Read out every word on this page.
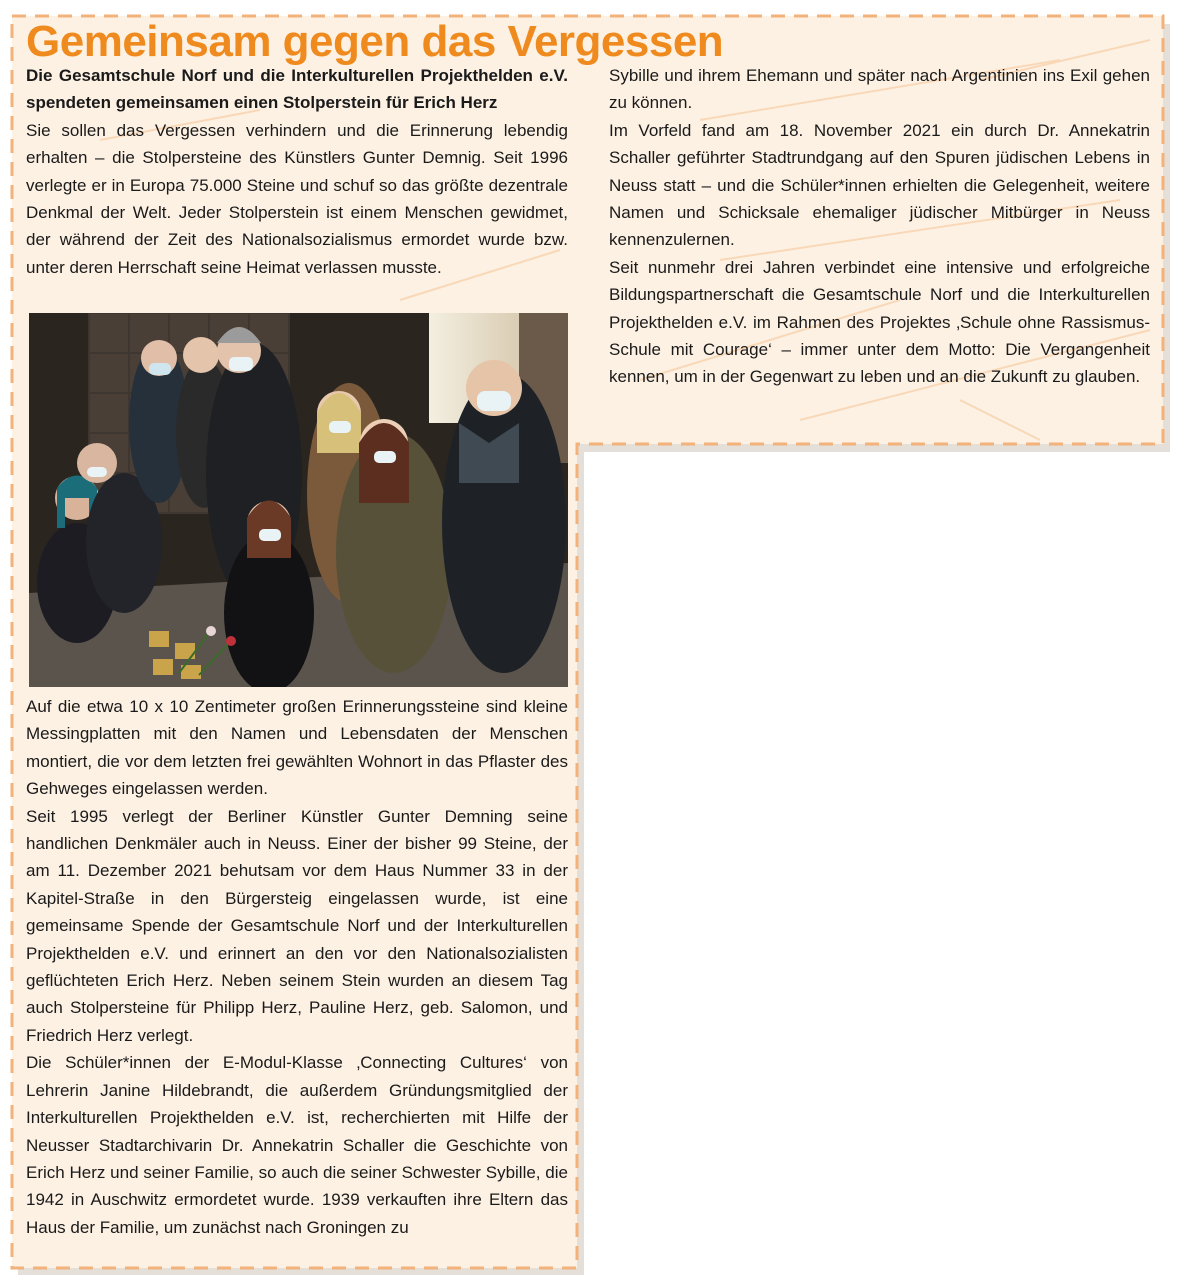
Gemeinsam gegen das Vergessen

Die Gesamtschule Norf und die Interkulturellen Projekthelden e.V. spendeten gemeinsamen einen Stolperstein für Erich Herz

Sie sollen das Vergessen verhindern und die Erinnerung lebendig erhalten – die Stolpersteine des Künstlers Gunter Demnig. Seit 1996 verlegte er in Europa 75.000 Steine und schuf so das größte dezentrale Denkmal der Welt. Jeder Stolperstein ist einem Menschen gewidmet, der während der Zeit des Nationalsozialismus ermordet wurde bzw. unter deren Herrschaft seine Heimat verlassen musste.

Auf die etwa 10 x 10 Zentimeter großen Erinnerungssteine sind kleine Messingplatten mit den Namen und Lebensdaten der Menschen montiert, die vor dem letzten frei gewählten Wohnort in das Pflaster des Gehweges eingelassen werden.

Seit 1995 verlegt der Berliner Künstler Gunter Demning seine handlichen Denkmäler auch in Neuss. Einer der bisher 99 Steine, der am 11. Dezember 2021 behutsam vor dem Haus Nummer 33 in der Kapitel-Straße in den Bürgersteig eingelassen wurde, ist eine gemeinsame Spende der Gesamtschule Norf und der Interkulturellen Projekthelden e.V. und erinnert an den vor den Nationalsozialisten geflüchteten Erich Herz. Neben seinem Stein wurden an diesem Tag auch Stolpersteine für Philipp Herz, Pauline Herz, geb. Salomon, und Friedrich Herz verlegt.

Die Schüler*innen der E-Modul-Klasse ‚Connecting Cultures‘ von Lehrerin Janine Hildebrandt, die außerdem Gründungsmitglied der Interkulturellen Projekthelden e.V. ist, recherchierten mit Hilfe der Neusser Stadtarchivarin Dr. Annekatrin Schaller die Geschichte von Erich Herz und seiner Familie, so auch die seiner Schwester Sybille, die 1942 in Auschwitz ermordetet wurde. 1939 verkauften ihre Eltern das Haus der Familie, um zunächst nach Groningen zu

Sybille und ihrem Ehemann und später nach Argentinien ins Exil gehen zu können.

Im Vorfeld fand am 18. November 2021 ein durch Dr. Annekatrin Schaller geführter Stadtrundgang auf den Spuren jüdischen Lebens in Neuss statt – und die Schüler*innen erhielten die Gelegenheit, weitere Namen und Schicksale ehemaliger jüdischer Mitbürger in Neuss kennenzulernen.

Seit nunmehr drei Jahren verbindet eine intensive und erfolgreiche Bildungspartnerschaft die Gesamtschule Norf und die Interkulturellen Projekthelden e.V. im Rahmen des Projektes ‚Schule ohne Rassismus-Schule mit Courage‘ – immer unter dem Motto: Die Vergangenheit kennen, um in der Gegenwart zu leben und an die Zukunft zu glauben.
